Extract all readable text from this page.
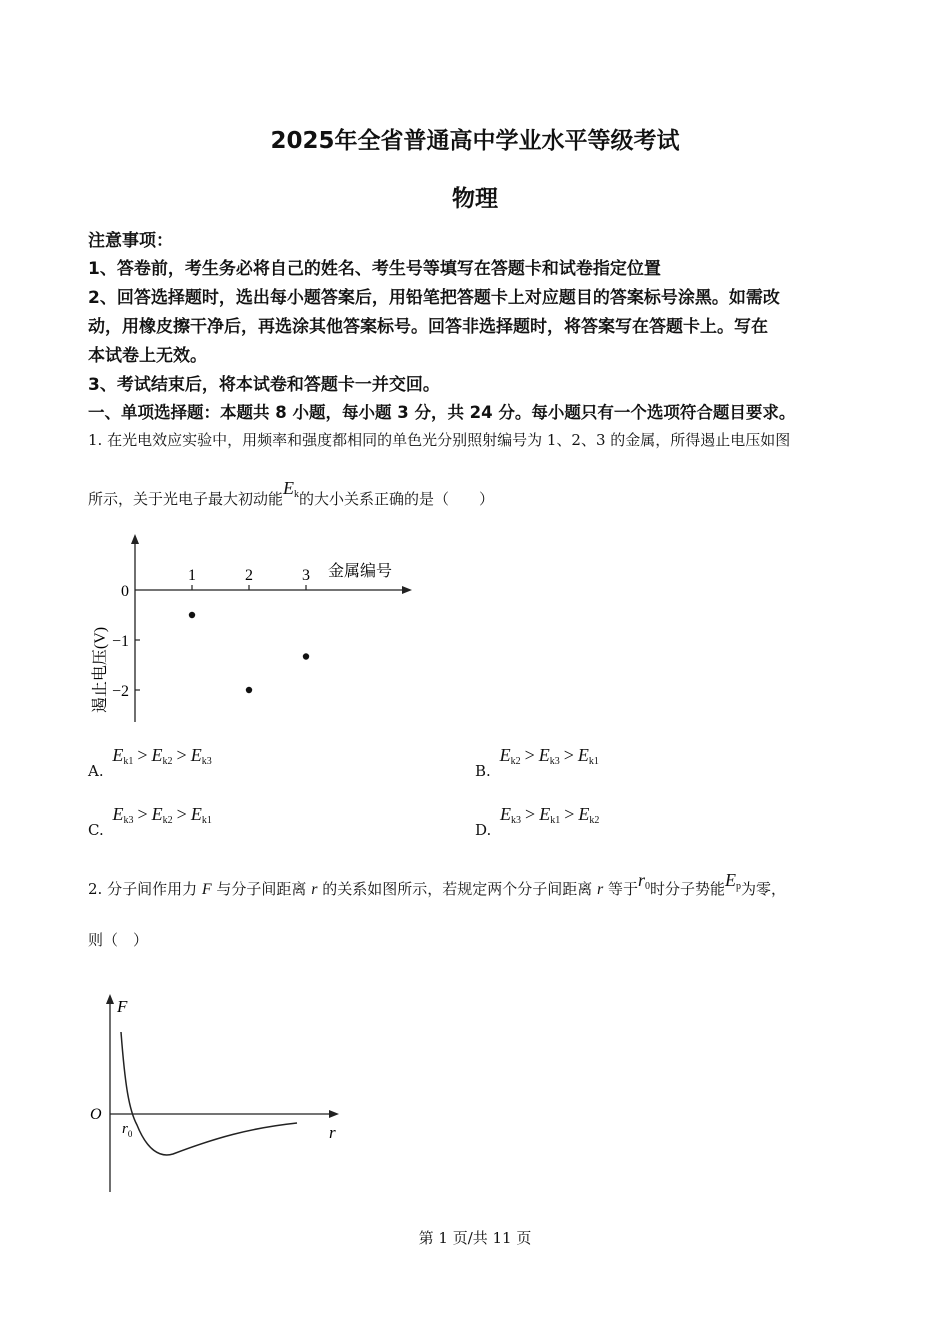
2025年全省普通高中学业水平等级考试
物理
注意事项：
1、答卷前，考生务必将自己的姓名、考生号等填写在答题卡和试卷指定位置
2、回答选择题时，选出每小题答案后，用铅笔把答题卡上对应题目的答案标号涂黑。如需改
动，用橡皮擦干净后，再选涂其他答案标号。回答非选择题时，将答案写在答题卡上。写在
本试卷上无效。
3、考试结束后，将本试卷和答题卡一并交回。
一、单项选择题：本题共 8 小题，每小题 3 分，共 24 分。每小题只有一个选项符合题目要求。
1. 在光电效应实验中，用频率和强度都相同的单色光分别照射编号为 1、2、3 的金属，所得遏止电压如图
所示，关于光电子最大初动能$E_k$的大小关系正确的是（　　）
1	2	3
0
−1
−2
金属编号
遏止电压(V)
A. $E_{k1} > E_{k2} > E_{k3}$
B. $E_{k2} > E_{k3} > E_{k1}$
C. $E_{k3} > E_{k2} > E_{k1}$
D. $E_{k3} > E_{k1} > E_{k2}$
2. 分子间作用力 F 与分子间距离 r 的关系如图所示，若规定两个分子间距离 r 等于$r_0$时分子势能$E_p$为零，
则（　）
F
r
O
$r_0$
第 1 页/共 11 页
